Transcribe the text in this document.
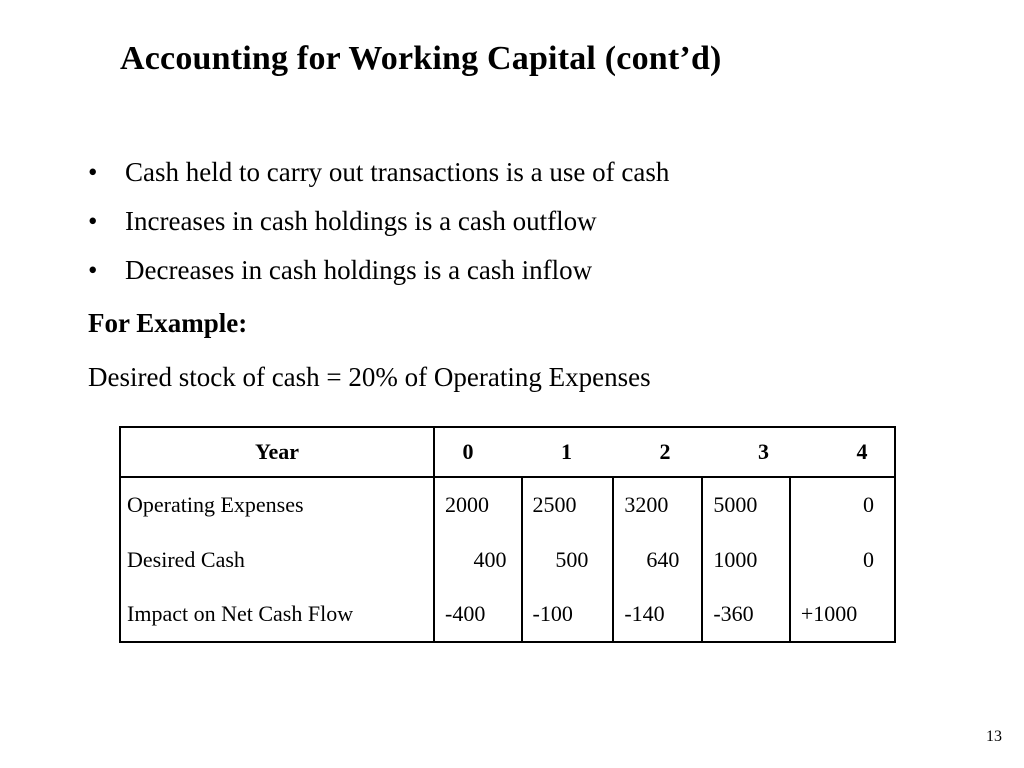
Accounting for Working Capital (cont’d)
• Cash held to carry out transactions is a use of cash
• Increases in cash holdings is a cash outflow
• Decreases in cash holdings is a cash inflow
For Example:
Desired stock of cash = 20% of Operating Expenses
Year	0 1 2 3 4				

Operating Expenses	2000	2500	3200	5000	0
Desired Cash	400	500	640	1000	0
Impact on Net Cash Flow	-400	-100	-140	-360	+1000
13
